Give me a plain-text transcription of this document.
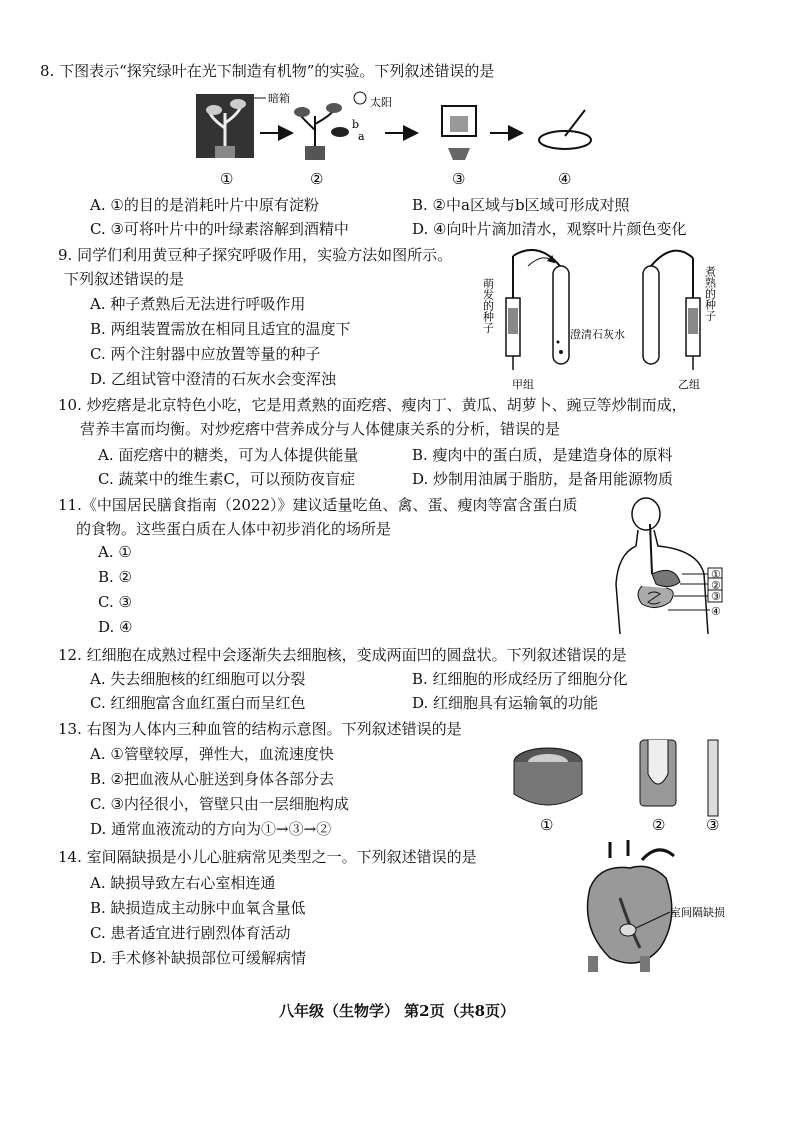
8. 下图表示“探究绿叶在光下制造有机物”的实验。下列叙述错误的是
暗箱	太阳
b
a
①	②	③	④
A. ①的目的是消耗叶片中原有淀粉	B. ②中a区域与b区域可形成对照
C. ③可将叶片中的叶绿素溶解到酒精中	D. ④向叶片滴加清水，观察叶片颜色变化
9. 同学们利用黄豆种子探究呼吸作用，实验方法如图所示。
下列叙述错误的是
A. 种子煮熟后无法进行呼吸作用
B. 两组装置需放在相同且适宜的温度下
C. 两个注射器中应放置等量的种子
D. 乙组试管中澄清的石灰水会变浑浊
萌发的种子
澄清石灰水
煮熟的种子
甲组	乙组
10. 炒疙瘩是北京特色小吃，它是用煮熟的面疙瘩、瘦肉丁、黄瓜、胡萝卜、豌豆等炒制而成，
营养丰富而均衡。对炒疙瘩中营养成分与人体健康关系的分析，错误的是
A. 面疙瘩中的糖类，可为人体提供能量	B. 瘦肉中的蛋白质，是建造身体的原料
C. 蔬菜中的维生素C，可以预防夜盲症	D. 炒制用油属于脂肪，是备用能源物质
11.《中国居民膳食指南（2022）》建议适量吃鱼、禽、蛋、瘦肉等富含蛋白质
的食物。这些蛋白质在人体中初步消化的场所是
A. ①
B. ②
C. ③
D. ④
①
②
③
④
12. 红细胞在成熟过程中会逐渐失去细胞核，变成两面凹的圆盘状。下列叙述错误的是
A. 失去细胞核的红细胞可以分裂	B. 红细胞的形成经历了细胞分化
C. 红细胞富含血红蛋白而呈红色	D. 红细胞具有运输氧的功能
13. 右图为人体内三种血管的结构示意图。下列叙述错误的是
A. ①管壁较厚，弹性大，血流速度快
B. ②把血液从心脏送到身体各部分去
C. ③内径很小，管壁只由一层细胞构成
D. 通常血液流动的方向为①→③→②	①	②	③
14. 室间隔缺损是小儿心脏病常见类型之一。下列叙述错误的是
A. 缺损导致左右心室相连通
B. 缺损造成主动脉中血氧含量低
C. 患者适宜进行剧烈体育活动
D. 手术修补缺损部位可缓解病情
室间隔缺损
八年级（生物学） 第2页（共8页）
